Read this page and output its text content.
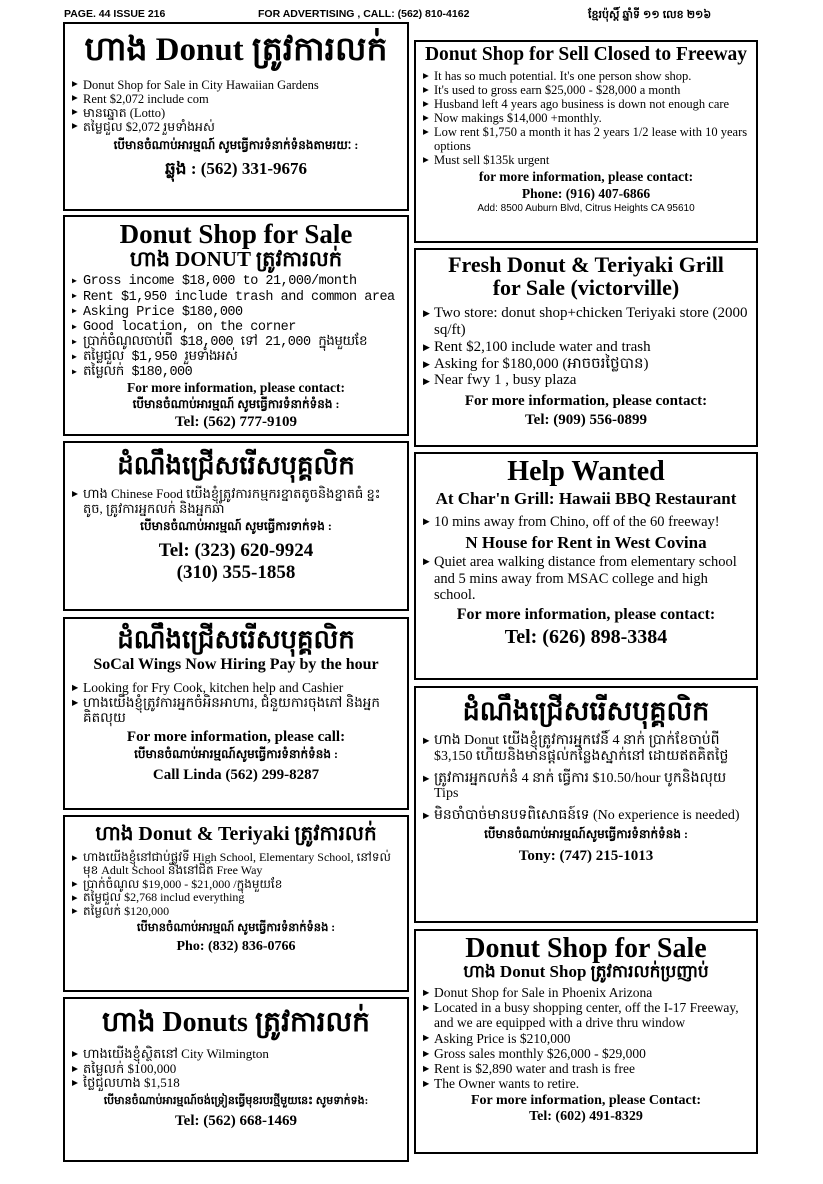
PAGE. 44 ISSUE 216	FOR ADVERTISING , CALL: (562) 810-4162	ខ្មែរប៉ុស្ដិ៍ ឆ្នាំទី ១១ លេខ ២១៦
ហាង Donut ត្រូវការលក់
▶ Donut Shop for Sale in City Hawaiian Gardens
▶ Rent $2,072 include com
▶ មានឆ្នោត (Lotto)
▶ តម្លៃជួល $2,072 រួមទាំងអស់
បើមានចំណាប់អារម្មណ៍ សូមធ្វើការទំនាក់ទំនងតាមរយៈ :
ឆ្លុង : (562) 331-9676
Donut Shop for Sale
ហាង DONUT ត្រូវការលក់
▶ Gross income $18,000 to 21,000/month
▶ Rent $1,950 include trash and common area
▶ Asking Price $180,000
▶ Good location, on the corner
▶ ប្រាក់ចំណូលចាប់ពី $18,000 ទៅ 21,000 ក្នុងមួយខែ
▶ តម្លៃជួល $1,950 រួមទាំងអស់
▶ តម្លៃលក់ $180,000
For more information, please contact:
បើមានចំណាប់អារម្មណ៍ សូមធ្វើការទំនាក់ទំនង :
Tel: (562) 777-9109
ដំណឹងជ្រើសរើសបុគ្គលិក
▶ ហាង Chinese Food យើងខ្ញុំត្រូវការកម្មករខ្នាតតូចនិងខ្នាតធំ ខ្នះតូច, ត្រូវការអ្នកលក់ និងអ្នកឆាំ
បើមានចំណាប់អារម្មណ៍ សូមធ្វើការទាក់ទង :
Tel: (323) 620-9924
(310) 355-1858
ដំណឹងជ្រើសរើសបុគ្គលិក
SoCal Wings Now Hiring Pay by the hour
▶ Looking for Fry Cook, kitchen help and Cashier
▶ ហាងយើងខ្ញុំត្រូវការអ្នកចំអិនអាហារ, ជំនួយការចុងភៅ និងអ្នកគិតលុយ
For more information, please call:
បើមានចំណាប់អារម្មណ៍សូមធ្វើការទំនាក់ទំនង :
Call Linda (562) 299-8287
ហាង Donut & Teriyaki ត្រូវការលក់
▶ ហាងយើងខ្ញុំនៅជាប់ផ្លូវទី High School, Elementary School, នៅទល់មុខ Adult School និងនៅជិត Free Way
▶ ប្រាក់ចំណូល $19,000 - $21,000 /ក្នុងមួយខែ
▶ តម្លៃជួល $2,768 includ everything
▶ តម្លៃលក់ $120,000
បើមានចំណាប់អារម្មណ៍ សូមធ្វើការទំនាក់ទំនង :
Pho: (832) 836-0766
ហាង Donuts ត្រូវការលក់
▶ ហាងយើងខ្ញុំស្ថិតនៅ City Wilmington
▶ តម្លៃលក់ $100,000
▶ ថ្លៃជួលហាង $1,518
បើមានចំណាប់អារម្មណ៍ចង់ទ្រៀនធ្វើមុខរបរថ្មីមួយនេះ សូមទាក់ទង:
Tel: (562) 668-1469
Donut Shop for Sell Closed to Freeway
▶ It has so much potential. It's one person show shop.
▶ It's used to gross earn $25,000 - $28,000 a month
▶ Husband left 4 years ago business is down not enough care
▶ Now makings $14,000 +monthly.
▶ Low rent $1,750 a month it has 2 years 1/2 lease with 10 years options
▶ Must sell $135k urgent
for more information, please contact:
Phone: (916) 407-6866
Add: 8500 Auburn Blvd, Citrus Heights CA 95610
Fresh Donut & Teriyaki Grill
for Sale (victorville)
▶ Two store: donut shop+chicken Teriyaki store (2000 sq/ft)
▶ Rent $2,100 include water and trash
▶ Asking for $180,000 (អាចចរថ្លៃបាន)
▶ Near fwy 1 , busy plaza
For more information, please contact:
Tel: (909) 556-0899
Help Wanted
At Char'n Grill: Hawaii BBQ Restaurant
▶ 10 mins away from Chino, off of the 60 freeway!
N House for Rent in West Covina
▶ Quiet area walking distance from elementary school and 5 mins away from MSAC college and high school.
For more information, please contact:
Tel: (626) 898-3384
ដំណឹងជ្រើសរើសបុគ្គលិក
▶ ហាង Donut យើងខ្ញុំត្រូវការអ្នកវេនិ៍ 4 នាក់ ប្រាក់ខែចាប់ពី $3,150 ហើយនិងមានផ្តល់កន្លែងស្នាក់នៅ ដោយឥតគិតថ្លៃ
▶ ត្រូវការអ្នកលក់នំ 4 នាក់ ធ្វើការ $10.50/hour បូកនិងលុយ Tips
▶ មិនចាំបាច់មានបទពិសោធន៍ទេ (No experience is needed)
បើមានចំណាប់អារម្មណ៍សូមធ្វើការទំនាក់ទំនង :
Tony: (747) 215-1013
Donut Shop for Sale
ហាង Donut Shop ត្រូវការលក់ប្រញាប់
▶ Donut Shop for Sale in Phoenix Arizona
▶ Located in a busy shopping center, off the I-17 Freeway, and we are equipped with a drive thru window
▶ Asking Price is $210,000
▶ Gross sales monthly $26,000 - $29,000
▶ Rent is $2,890 water and trash is free
▶ The Owner wants to retire.
For more information, please Contact:
Tel: (602) 491-8329
